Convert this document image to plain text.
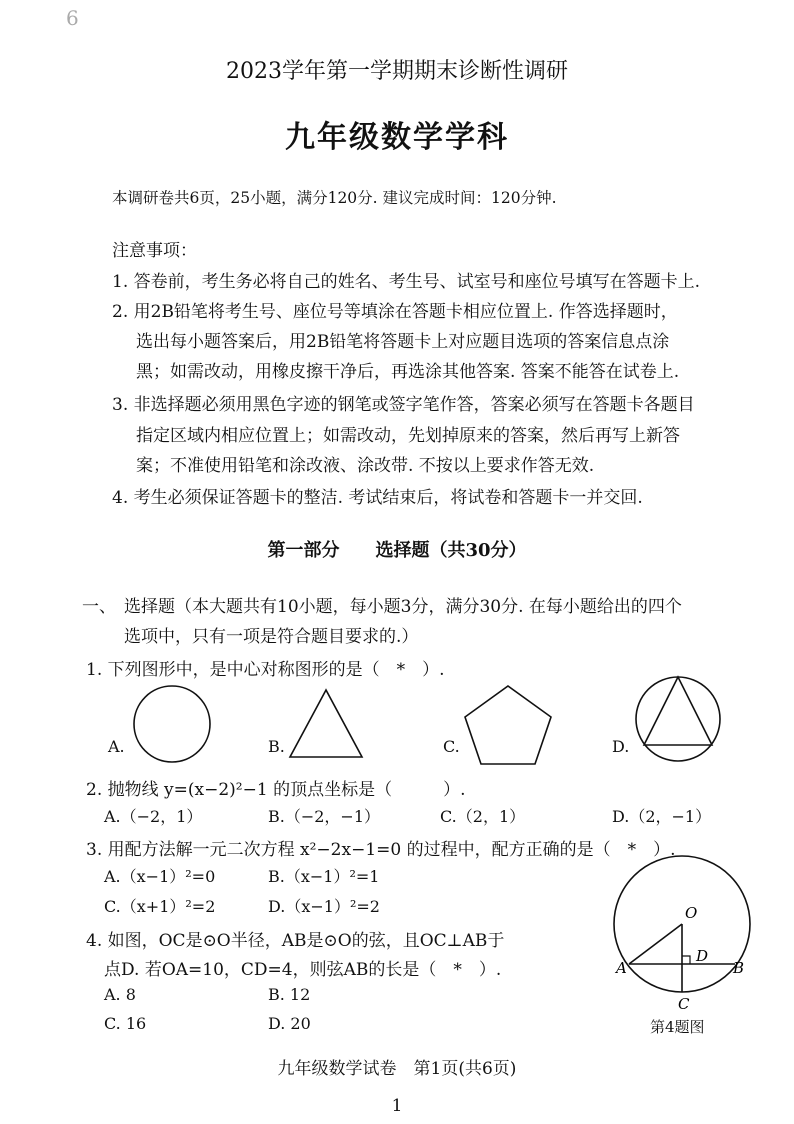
6
2023学年第一学期期末诊断性调研
九年级数学学科
本调研卷共6页，25小题，满分120分. 建议完成时间：120分钟.
注意事项：
1. 答卷前，考生务必将自己的姓名、考生号、试室号和座位号填写在答题卡上.
2. 用2B铅笔将考生号、座位号等填涂在答题卡相应位置上. 作答选择题时，
选出每小题答案后，用2B铅笔将答题卡上对应题目选项的答案信息点涂
黑；如需改动，用橡皮擦干净后，再选涂其他答案. 答案不能答在试卷上.
3. 非选择题必须用黑色字迹的钢笔或签字笔作答，答案必须写在答题卡各题目
指定区域内相应位置上；如需改动，先划掉原来的答案，然后再写上新答
案；不准使用铅笔和涂改液、涂改带. 不按以上要求作答无效.
4. 考生必须保证答题卡的整洁. 考试结束后，将试卷和答题卡一并交回.
第一部分　　选择题（共30分）
一、 选择题（本大题共有10小题，每小题3分，满分30分. 在每小题给出的四个
选项中，只有一项是符合题目要求的.）
1. 下列图形中，是中心对称图形的是（　*　）.
A.	B.	C.	D.
2. 抛物线 y=(x−2)²−1 的顶点坐标是（　　　）.
A.（−2，1）	B.（−2，−1）	C.（2，1）	D.（2，−1）
3. 用配方法解一元二次方程 x²−2x−1=0 的过程中，配方正确的是（　*　）.
A.（x−1）²=0	B.（x−1）²=1
C.（x+1）²=2	D.（x−1）²=2
4. 如图，OC是⊙O半径，AB是⊙O的弦，且OC⊥AB于
点D. 若OA=10，CD=4，则弦AB的长是（　*　）.
A. 8	B. 12
C. 16	D. 20
O
D
A	B
C
第4题图
九年级数学试卷　第1页(共6页)
1
